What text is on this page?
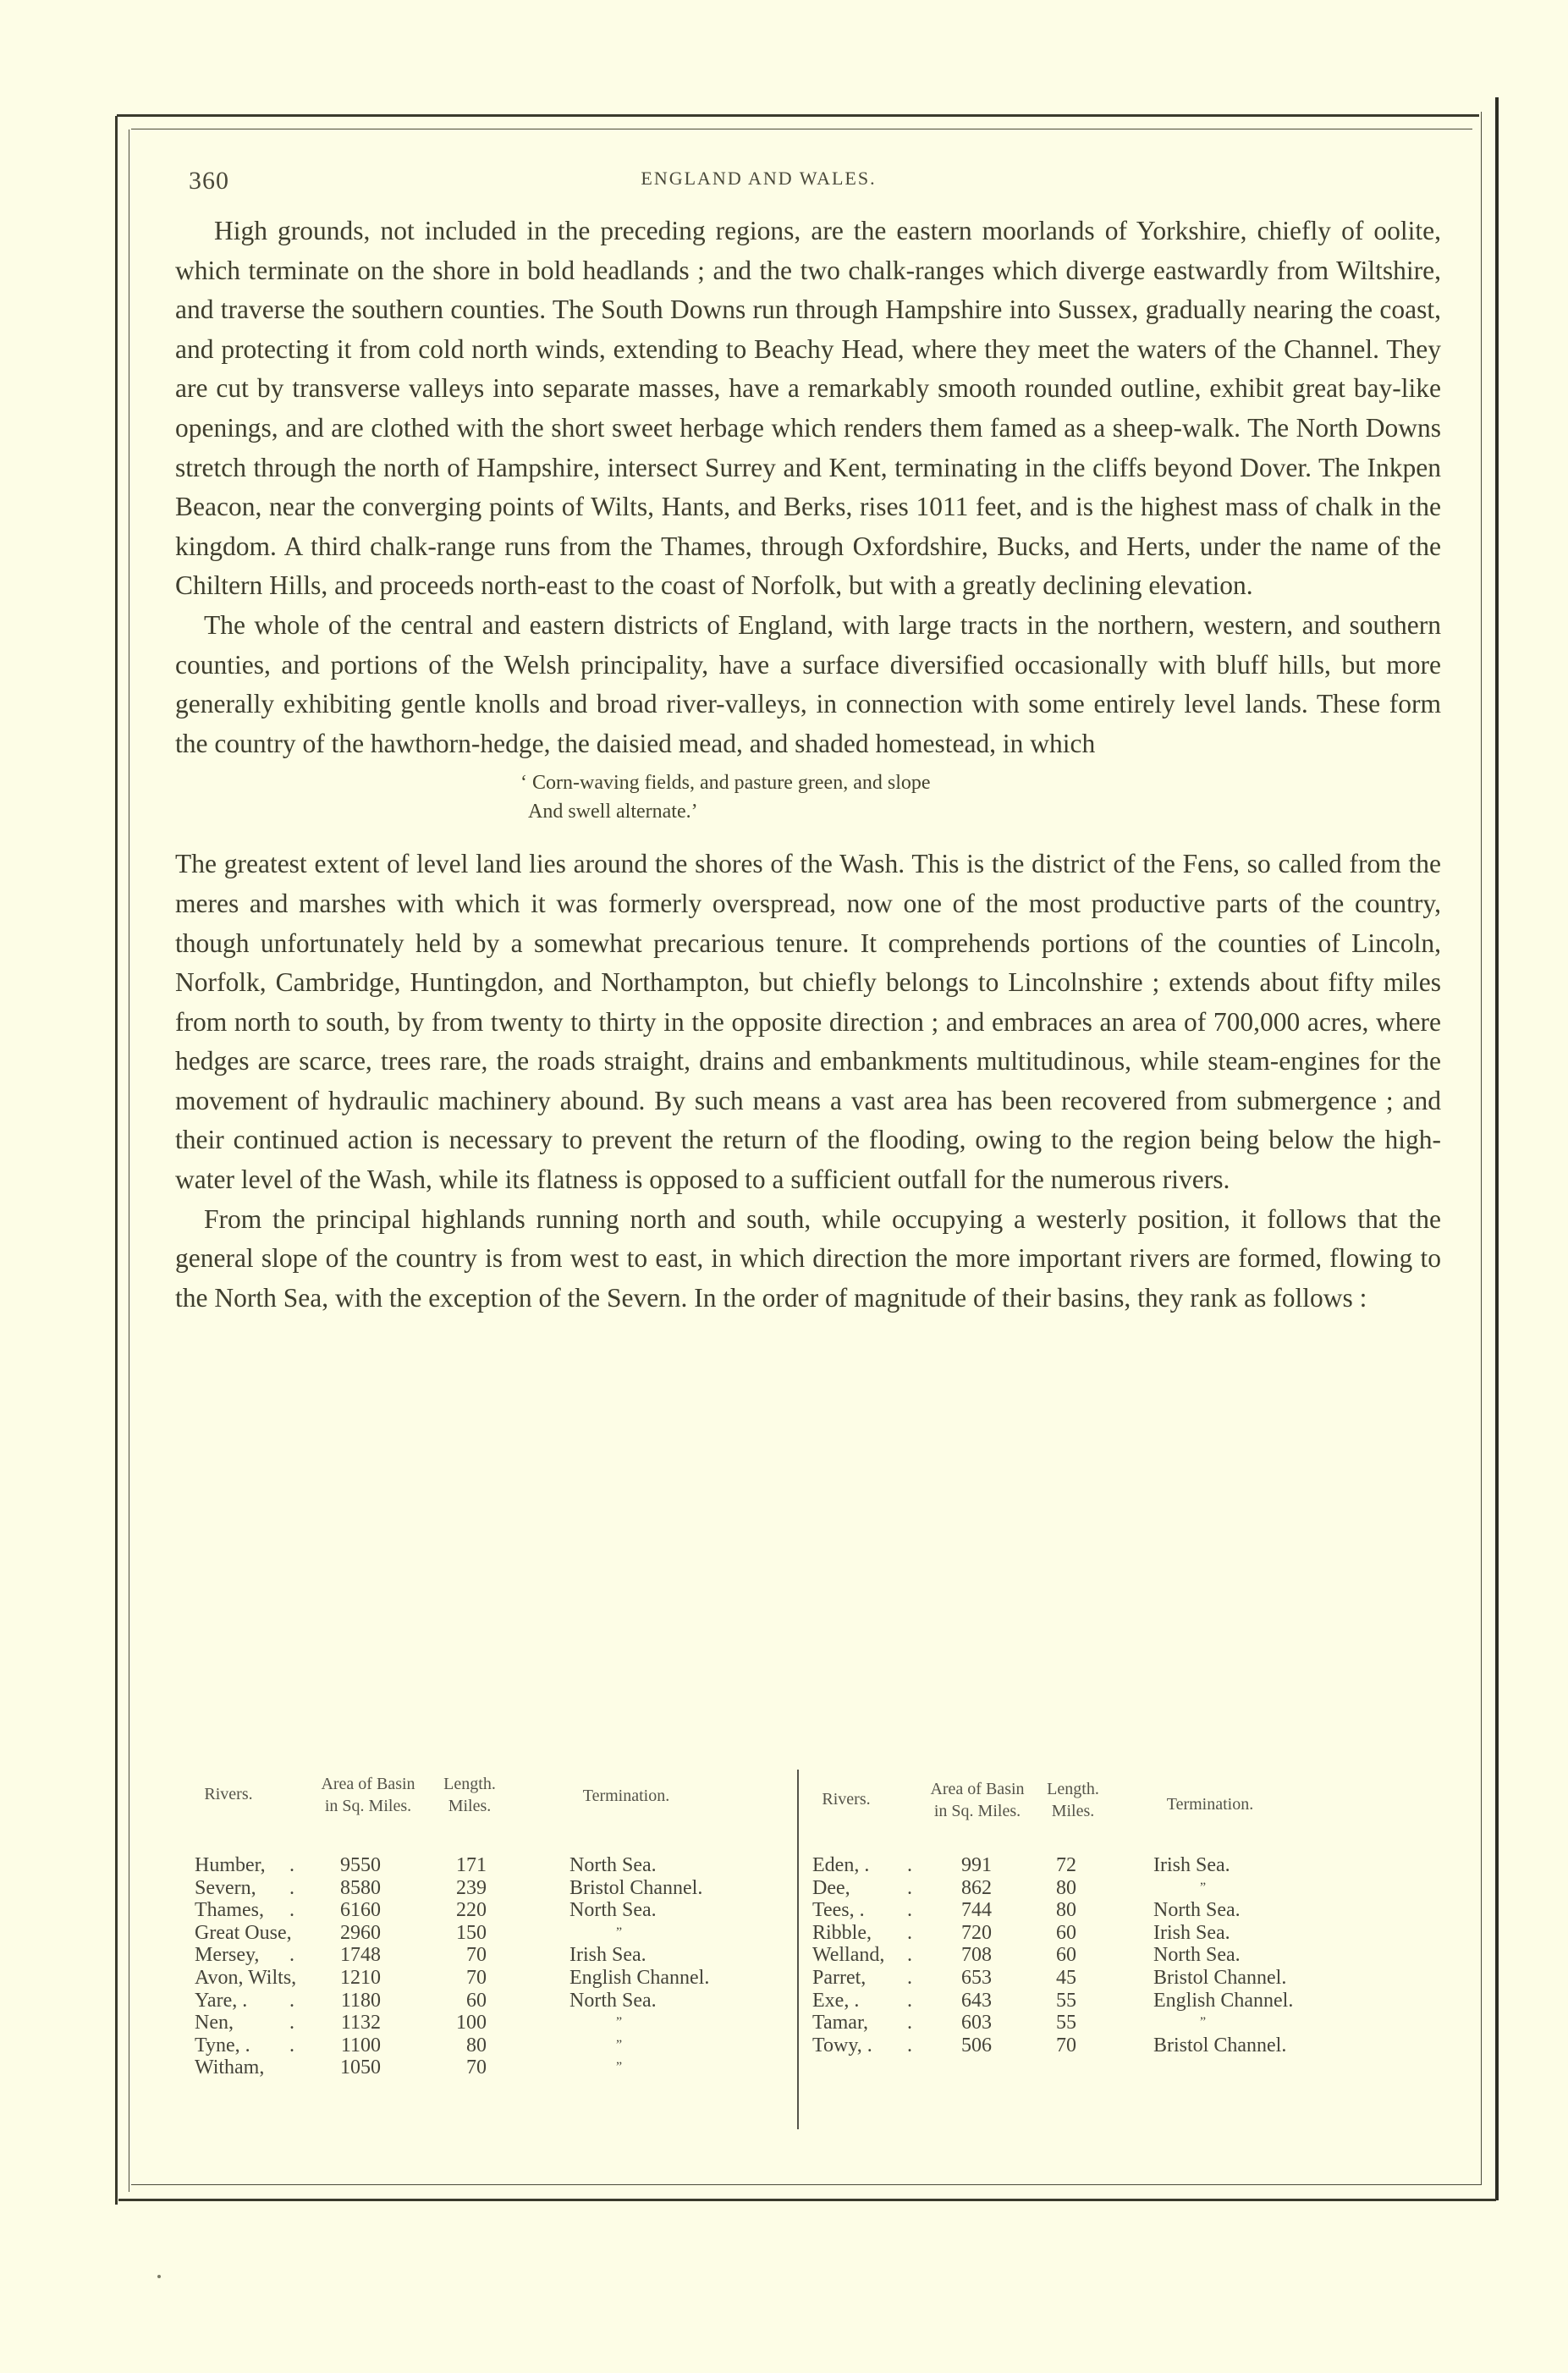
360	ENGLAND AND WALES.

High grounds, not included in the preceding regions, are the eastern moorlands of Yorkshire, chiefly of oolite, which terminate on the shore in bold headlands ; and the two chalk-ranges which diverge eastwardly from Wiltshire, and traverse the southern counties. The South Downs run through Hampshire into Sussex, gradually nearing the coast, and protecting it from cold north winds, extending to Beachy Head, where they meet the waters of the Channel. They are cut by transverse valleys into separate masses, have a remarkably smooth rounded outline, exhibit great bay-like openings, and are clothed with the short sweet herbage which renders them famed as a sheep-walk. The North Downs stretch through the north of Hampshire, intersect Surrey and Kent, terminating in the cliffs beyond Dover. The Inkpen Beacon, near the converging points of Wilts, Hants, and Berks, rises 1011 feet, and is the highest mass of chalk in the kingdom. A third chalk-range runs from the Thames, through Oxfordshire, Bucks, and Herts, under the name of the Chiltern Hills, and proceeds north-east to the coast of Norfolk, but with a greatly declining elevation.

The whole of the central and eastern districts of England, with large tracts in the northern, western, and southern counties, and portions of the Welsh principality, have a surface diversified occasionally with bluff hills, but more generally exhibiting gentle knolls and broad river-valleys, in connection with some entirely level lands. These form the country of the hawthorn-hedge, the daisied mead, and shaded homestead, in which

‘ Corn-waving fields, and pasture green, and slope
And swell alternate.’

The greatest extent of level land lies around the shores of the Wash. This is the district of the Fens, so called from the meres and marshes with which it was formerly overspread, now one of the most productive parts of the country, though unfortunately held by a somewhat precarious tenure. It comprehends portions of the counties of Lincoln, Norfolk, Cambridge, Huntingdon, and Northampton, but chiefly belongs to Lincolnshire ; extends about fifty miles from north to south, by from twenty to thirty in the opposite direction ; and embraces an area of 700,000 acres, where hedges are scarce, trees rare, the roads straight, drains and embankments multitudinous, while steam-engines for the movement of hydraulic machinery abound. By such means a vast area has been recovered from submergence ; and their continued action is necessary to prevent the return of the flooding, owing to the region being below the high-water level of the Wash, while its flatness is opposed to a sufficient outfall for the numerous rivers.

From the principal highlands running north and south, while occupying a westerly position, it follows that the general slope of the country is from west to east, in which direction the more important rivers are formed, flowing to the North Sea, with the exception of the Severn. In the order of magnitude of their basins, they rank as follows :

Rivers.
Area of Basin
in Sq. Miles.
Length.
Miles.
Termination.
Humber, . 9550	171	North Sea.
Severn, . 8580	239	Bristol Channel.
Thames, . 6160	220	North Sea.
Great Ouse, 2960	150	”
Mersey, . 1748	70	Irish Sea.
Avon, Wilts, 1210	70	English Channel.
Yare, . . 1180	60	North Sea.
Nen,	. 1132	100	”
Tyne, . . 1100	80	”
Witham,	1050	70	”
Rivers.
Area of Basin
in Sq. Miles.
Length.
Miles.	Termination.
Eden, . . 991	72	Irish Sea.
Dee,	. 862	80	”
Tees, . . 744	80	North Sea.
Ribble, . 720	60	Irish Sea.
Welland, . 708	60	North Sea.
Parret, . 653	45	Bristol Channel.
Exe, . . 643	55	English Channel.
Tamar, . 603	55	”
Towy, . . 506	70	Bristol Channel.
